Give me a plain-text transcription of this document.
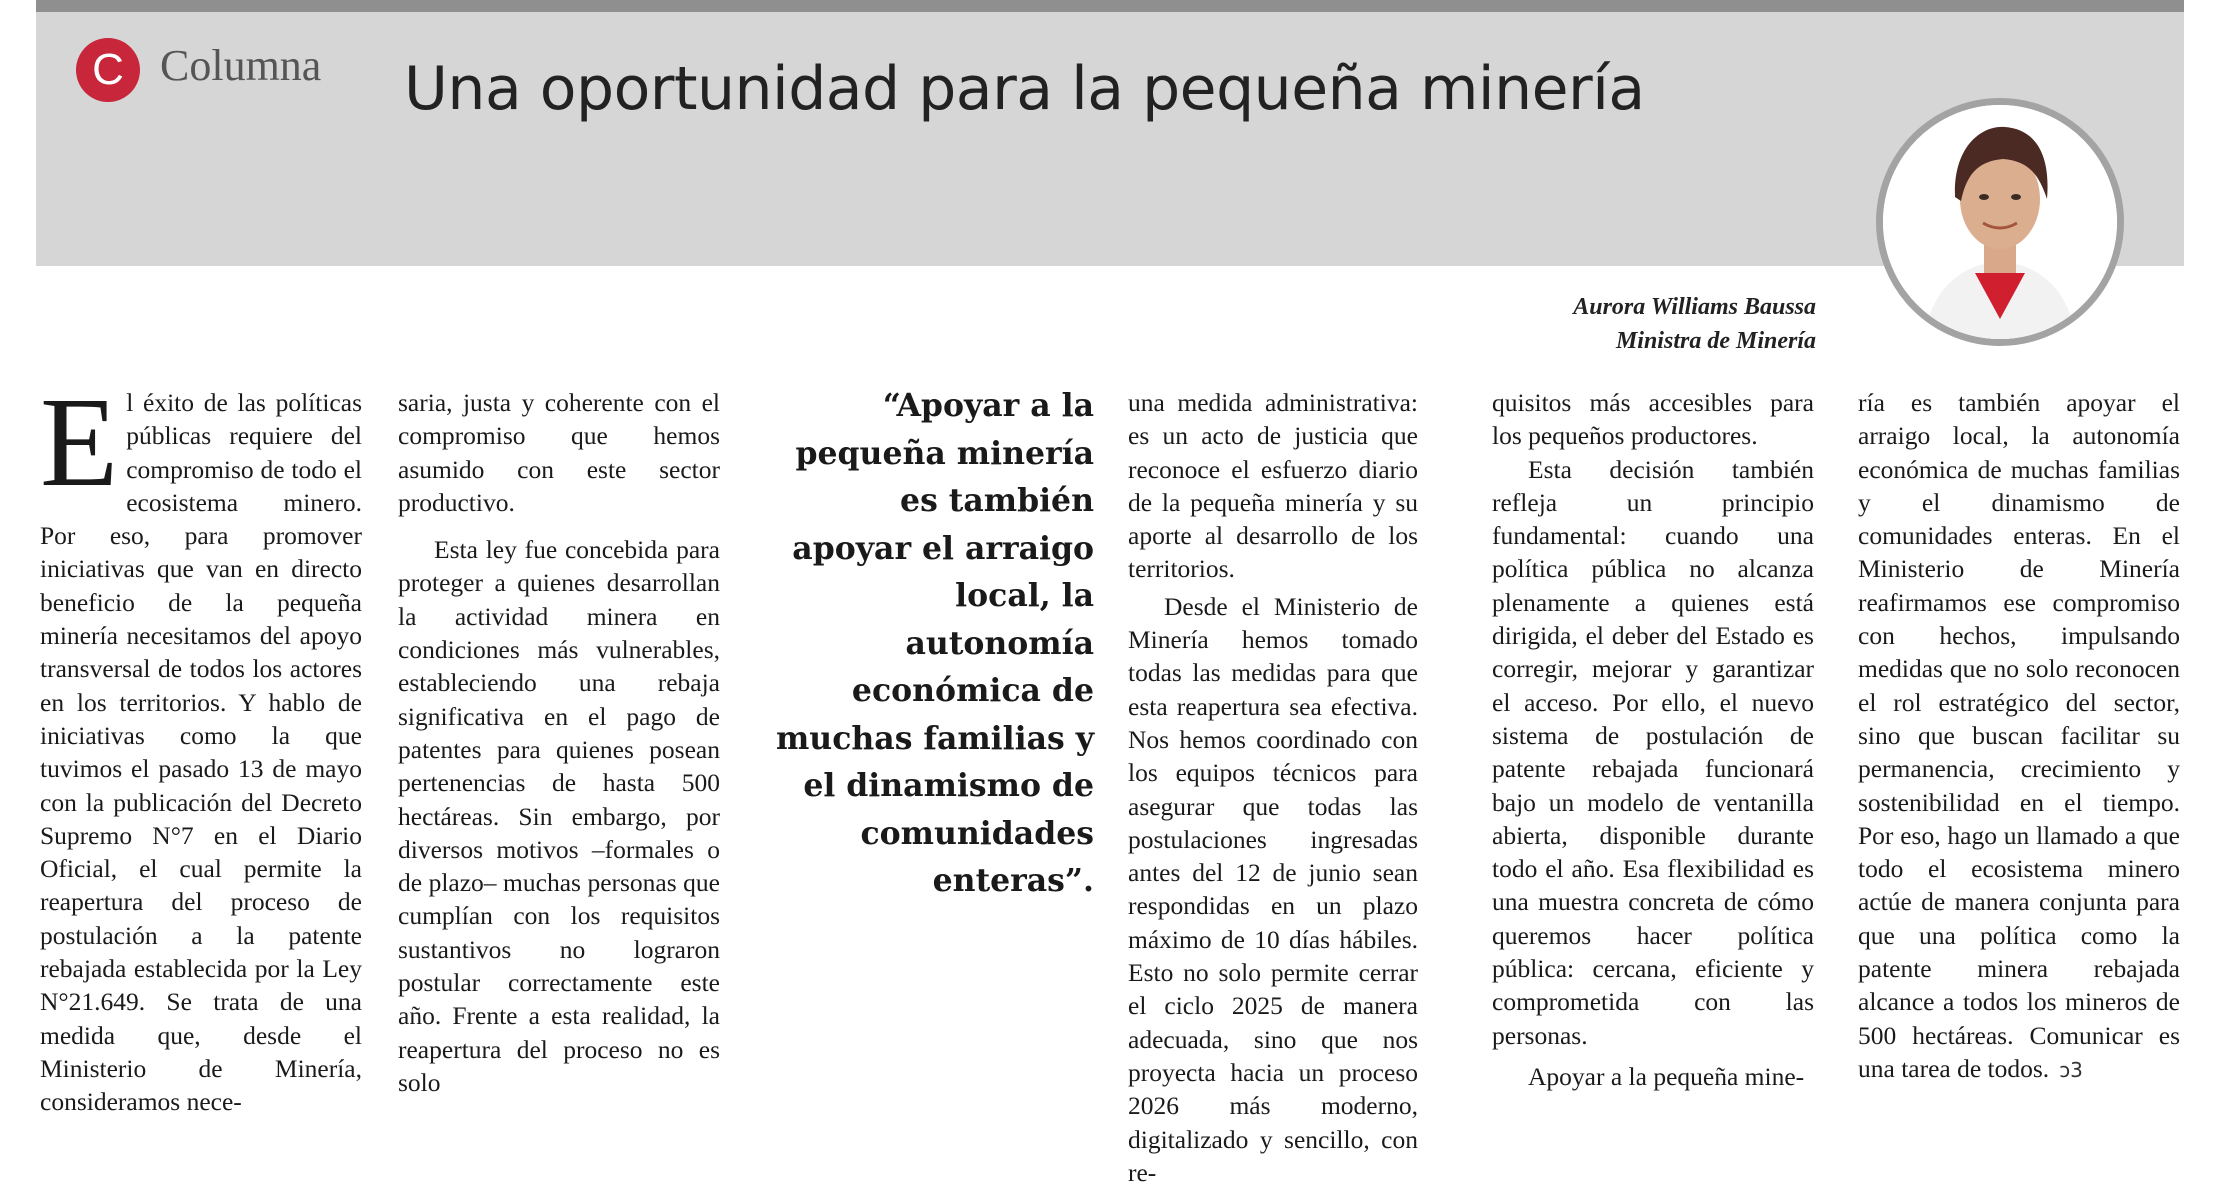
C Columna Una oportunidad para la pequeña minería
Aurora Williams Baussa
Ministra de Minería
E l éxito de las políticas públicas requiere del compromiso de todo el ecosistema minero. Por eso, para promover iniciativas que van en directo beneficio de la pequeña minería necesitamos del apoyo transversal de todos los actores en los territorios. Y hablo de iniciativas como la que tuvimos el pasado 13 de mayo con la publicación del Decreto Supremo N°7 en el Diario Oficial, el cual permite la reapertura del proceso de postulación a la patente rebajada establecida por la Ley N°21.649. Se trata de una medida que, desde el Ministerio de Minería, consideramos nece-

saria, justa y coherente con el compromiso que hemos asumido con este sector productivo.

Esta ley fue concebida para proteger a quienes desarrollan la actividad minera en condiciones más vulnerables, estableciendo una rebaja significativa en el pago de patentes para quienes posean pertenencias de hasta 500 hectáreas. Sin embargo, por diversos motivos –formales o de plazo– muchas personas que cumplían con los requisitos sustantivos no lograron postular correctamente este año. Frente a esta realidad, la reapertura del proceso no es solo

“Apoyar a la pequeña minería es también apoyar el arraigo local, la autonomía económica de muchas familias y el dinamismo de comunidades enteras”.

una medida administrativa: es un acto de justicia que reconoce el esfuerzo diario de la pequeña minería y su aporte al desarrollo de los territorios.

Desde el Ministerio de Minería hemos tomado todas las medidas para que esta reapertura sea efectiva. Nos hemos coordinado con los equipos técnicos para asegurar que todas las postulaciones ingresadas antes del 12 de junio sean respondidas en un plazo máximo de 10 días hábiles. Esto no solo permite cerrar el ciclo 2025 de manera adecuada, sino que nos proyecta hacia un proceso 2026 más moderno, digitalizado y sencillo, con re-

quisitos más accesibles para los pequeños productores.

Esta decisión también refleja un principio fundamental: cuando una política pública no alcanza plenamente a quienes está dirigida, el deber del Estado es corregir, mejorar y garantizar el acceso. Por ello, el nuevo sistema de postulación de patente rebajada funcionará bajo un modelo de ventanilla abierta, disponible durante todo el año. Esa flexibilidad es una muestra concreta de cómo queremos hacer política pública: cercana, eficiente y comprometida con las personas.

Apoyar a la pequeña mine-

ría es también apoyar el arraigo local, la autonomía económica de muchas familias y el dinamismo de comunidades enteras. En el Ministerio de Minería reafirmamos ese compromiso con hechos, impulsando medidas que no solo reconocen el rol estratégico del sector, sino que buscan facilitar su permanencia, crecimiento y sostenibilidad en el tiempo. Por eso, hago un llamado a que todo el ecosistema minero actúe de manera conjunta para que una política como la patente minera rebajada alcance a todos los mineros de 500 hectáreas. Comunicar es una tarea de todos. ↄ3
